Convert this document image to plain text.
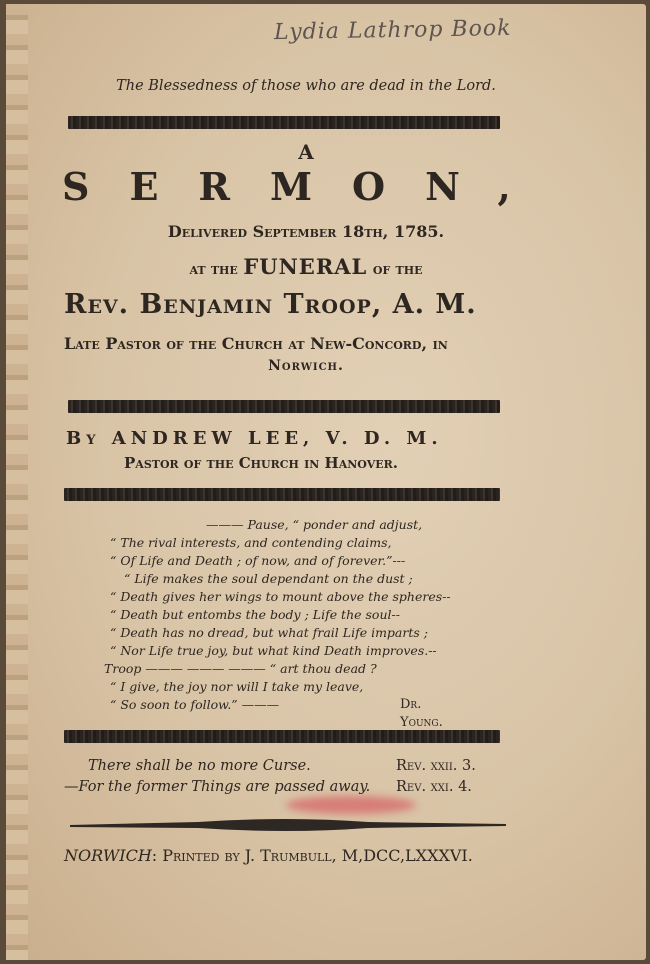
Lydia Lathrop Book
The Blessedness of those who are dead in the Lord.
A
SERMON,
Delivered September 18th, 1785.
at the FUNERAL of the
Rev. Benjamin Troop, A. M.
Late Pastor of the Church at New-Concord, in
Norwich.
By ANDREW LEE, V. D. M.
Pastor of the Church in Hanover.
——— Pause, “ ponder and adjust,
“ The rival interests, and contending claims,
“ Of Life and Death ; of now, and of forever.”---
“ Life makes the soul dependant on the dust ;
“ Death gives her wings to mount above the spheres--
“ Death but entombs the body ; Life the soul--
“ Death has no dread, but what frail Life imparts ;
“ Nor Life true joy, but what kind Death improves.--
Troop ——— ——— ——— “ art thou dead ?
“ I give, the joy nor will I take my leave,
“ So soon to follow.” ———	Dr. Young.
There shall be no more Curse.	Rev. xxii. 3.
—For the former Things are passed away. Rev. xxi. 4.
NORWICH: Printed by J. Trumbull, M,DCC,LXXXVI.
